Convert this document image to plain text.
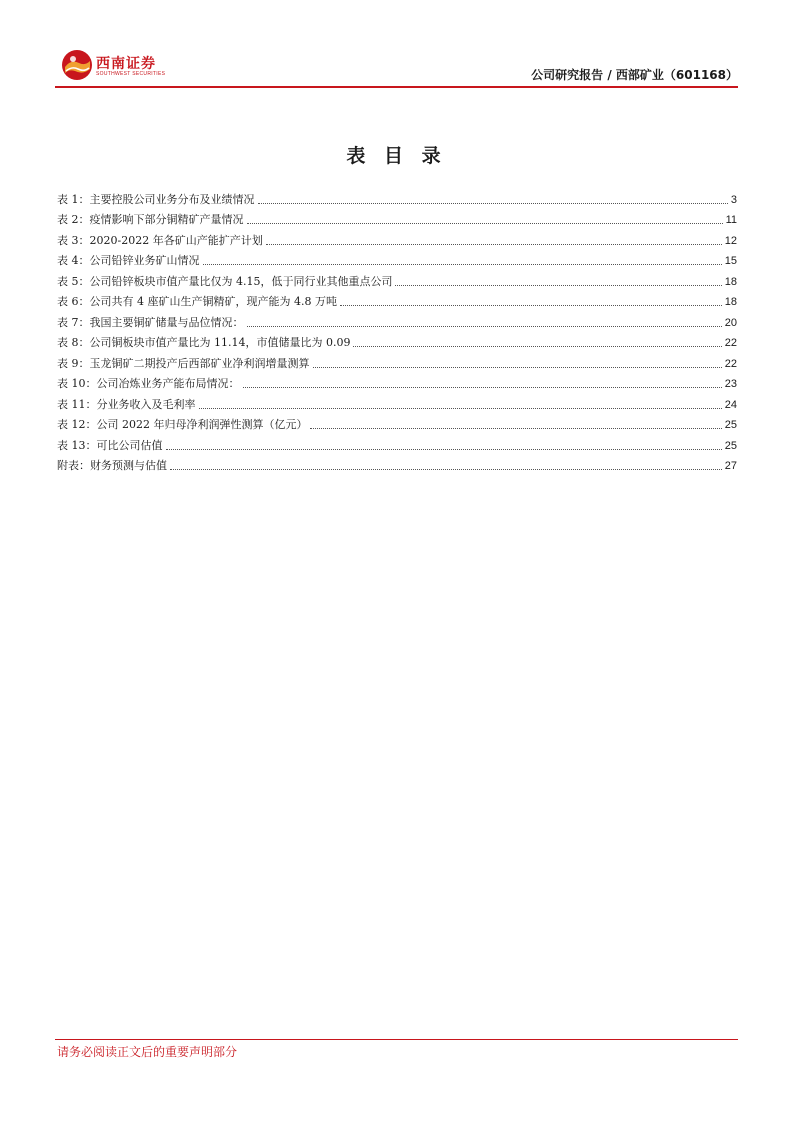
西南证券
SOUTHWEST SECURITIES	公司研究报告 / 西部矿业（601168）
表 目 录
表 1：主要控股公司业务分布及业绩情况	3
表 2：疫情影响下部分铜精矿产量情况	11
表 3：2020-2022 年各矿山产能扩产计划	12
表 4：公司铅锌业务矿山情况	15
表 5：公司铅锌板块市值产量比仅为 4.15，低于同行业其他重点公司	18
表 6：公司共有 4 座矿山生产铜精矿，现产能为 4.8 万吨	18
表 7：我国主要铜矿储量与品位情况：	20
表 8：公司铜板块市值产量比为 11.14，市值储量比为 0.09	22
表 9：玉龙铜矿二期投产后西部矿业净利润增量测算	22
表 10：公司冶炼业务产能布局情况：	23
表 11：分业务收入及毛利率	24
表 12：公司 2022 年归母净利润弹性测算（亿元）	25
表 13：可比公司估值	25
附表：财务预测与估值	27
请务必阅读正文后的重要声明部分
